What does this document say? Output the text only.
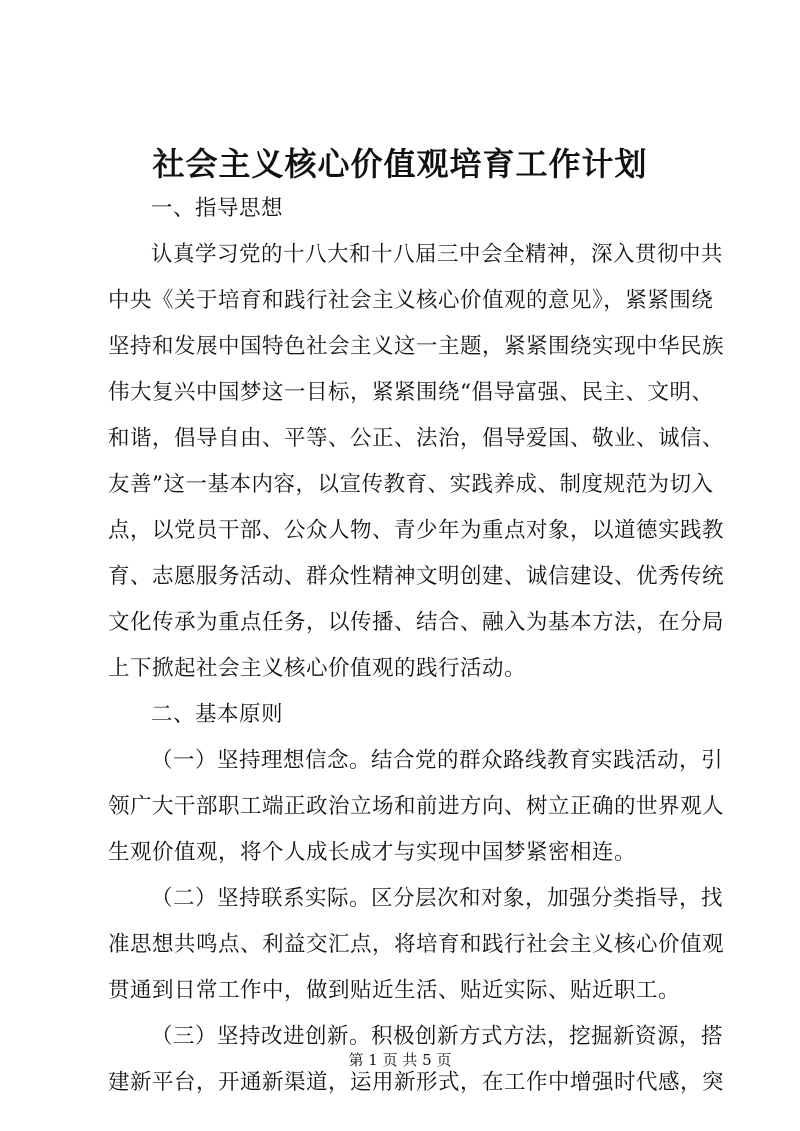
社会主义核心价值观培育工作计划
一、指导思想
认真学习党的十八大和十八届三中会全精神，深入贯彻中共
中央《关于培育和践行社会主义核心价值观的意见》，紧紧围绕
坚持和发展中国特色社会主义这一主题，紧紧围绕实现中华民族
伟大复兴中国梦这一目标，紧紧围绕“倡导富强、民主、文明、
和谐，倡导自由、平等、公正、法治，倡导爱国、敬业、诚信、
友善”这一基本内容，以宣传教育、实践养成、制度规范为切入
点，以党员干部、公众人物、青少年为重点对象，以道德实践教
育、志愿服务活动、群众性精神文明创建、诚信建设、优秀传统
文化传承为重点任务，以传播、结合、融入为基本方法，在分局
上下掀起社会主义核心价值观的践行活动。
二、基本原则
（一）坚持理想信念。结合党的群众路线教育实践活动，引
领广大干部职工端正政治立场和前进方向、树立正确的世界观人
生观价值观，将个人成长成才与实现中国梦紧密相连。
（二）坚持联系实际。区分层次和对象，加强分类指导，找
准思想共鸣点、利益交汇点，将培育和践行社会主义核心价值观
贯通到日常工作中，做到贴近生活、贴近实际、贴近职工。
（三）坚持改进创新。积极创新方式方法，挖掘新资源，搭
建新平台，开通新渠道，运用新形式，在工作中增强时代感，突
第 1 页 共 5 页
